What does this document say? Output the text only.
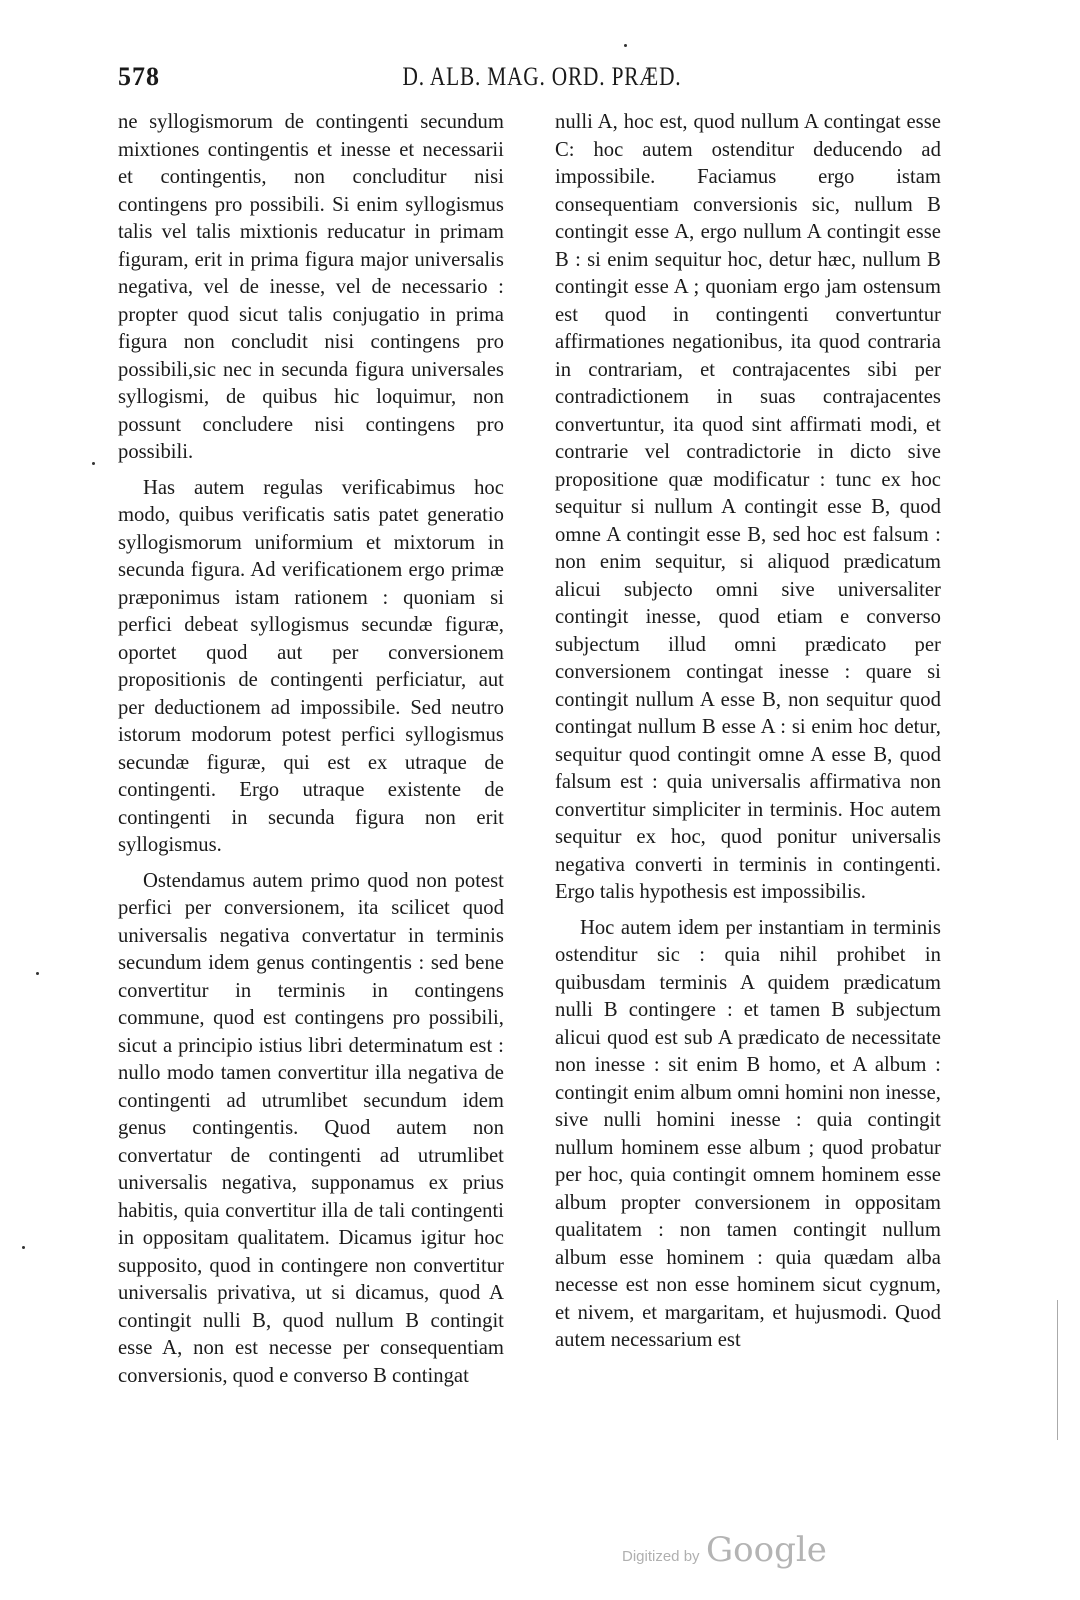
578	D. ALB. MAG. ORD. PRÆD.

ne syllogismorum de contingenti secundum mixtiones contingentis et inesse et necessarii et contingentis, non concluditur nisi contingens pro possibili. Si enim syllogismus talis vel talis mixtionis reducatur in primam figuram, erit in prima figura major universalis negativa, vel de inesse, vel de necessario : propter quod sicut talis conjugatio in prima figura non concludit nisi contingens pro possibili,sic nec in secunda figura universales syllogismi, de quibus hic loquimur, non possunt concludere nisi contingens pro possibili.

Has autem regulas verificabimus hoc modo, quibus verificatis satis patet generatio syllogismorum uniformium et mixtorum in secunda figura. Ad verificationem ergo primæ præponimus istam rationem : quoniam si perfici debeat syllogismus secundæ figuræ, oportet quod aut per conversionem propositionis de contingenti perficiatur, aut per deductionem ad impossibile. Sed neutro istorum modorum potest perfici syllogismus secundæ figuræ, qui est ex utraque de contingenti. Ergo utraque existente de contingenti in secunda figura non erit syllogismus.

Ostendamus autem primo quod non potest perfici per conversionem, ita scilicet quod universalis negativa convertatur in terminis secundum idem genus contingentis : sed bene convertitur in terminis in contingens commune, quod est contingens pro possibili, sicut a principio istius libri determinatum est : nullo modo tamen convertitur illa negativa de contingenti ad utrumlibet secundum idem genus contingentis. Quod autem non convertatur de contingenti ad utrumlibet universalis negativa, supponamus ex prius habitis, quia convertitur illa de tali contingenti in oppositam qualitatem. Dicamus igitur hoc supposito, quod in contingere non convertitur universalis privativa, ut si dicamus, quod A contingit nulli B, quod nullum B contingit esse A, non est necesse per consequentiam conversionis, quod e converso B contingat

nulli A, hoc est, quod nullum A contingat esse C: hoc autem ostenditur deducendo ad impossibile. Faciamus ergo istam consequentiam conversionis sic, nullum B contingit esse A, ergo nullum A contingit esse B : si enim sequitur hoc, detur hæc, nullum B contingit esse A ; quoniam ergo jam ostensum est quod in contingenti convertuntur affirmationes negationibus, ita quod contraria in contrariam, et contrajacentes sibi per contradictionem in suas contrajacentes convertuntur, ita quod sint affirmati modi, et contrarie vel contradictorie in dicto sive propositione quæ modificatur : tunc ex hoc sequitur si nullum A contingit esse B, quod omne A contingit esse B, sed hoc est falsum : non enim sequitur, si aliquod prædicatum alicui subjecto omni sive universaliter contingit inesse, quod etiam e converso subjectum illud omni prædicato per conversionem contingat inesse : quare si contingit nullum A esse B, non sequitur quod contingat nullum B esse A : si enim hoc detur, sequitur quod contingit omne A esse B, quod falsum est : quia universalis affirmativa non convertitur simpliciter in terminis. Hoc autem sequitur ex hoc, quod ponitur universalis negativa converti in terminis in contingenti. Ergo talis hypothesis est impossibilis.

Hoc autem idem per instantiam in terminis ostenditur sic : quia nihil prohibet in quibusdam terminis A quidem prædicatum nulli B contingere : et tamen B subjectum alicui quod est sub A prædicato de necessitate non inesse : sit enim B homo, et A album : contingit enim album omni homini non inesse, sive nulli homini inesse : quia contingit nullum hominem esse album ; quod probatur per hoc, quia contingit omnem hominem esse album propter conversionem in oppositam qualitatem : non tamen contingit nullum album esse hominem : quia quædam alba necesse est non esse hominem sicut cygnum, et nivem, et margaritam, et hujusmodi. Quod autem necessarium est

Digitized by Google
